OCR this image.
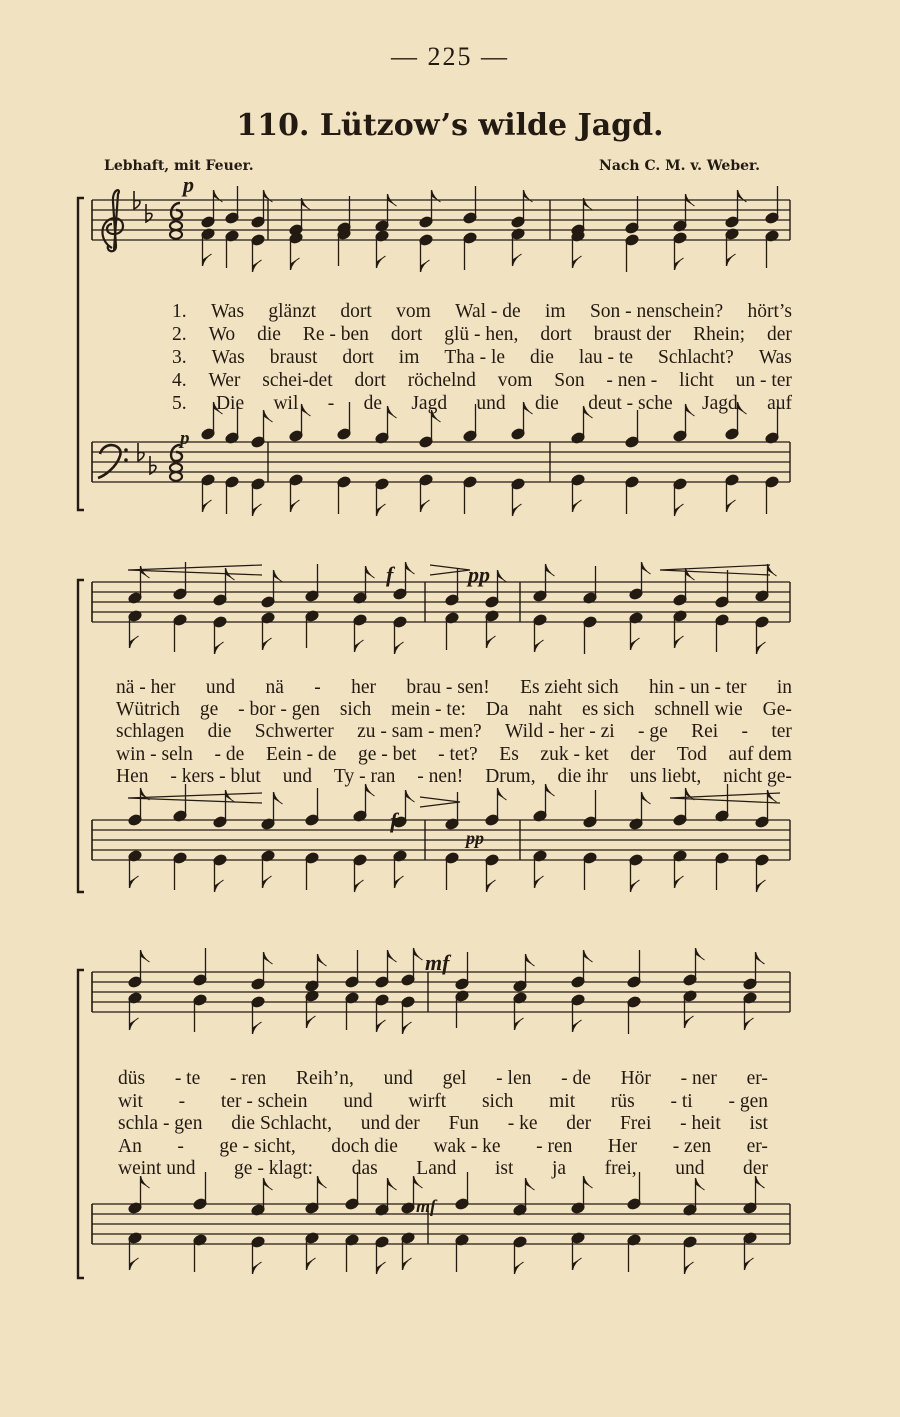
— 225 —
110. Lützow’s wilde Jagd.
Lebhaft, mit Feuer.	Nach C. M. v. Weber.
p
p
f	pp
f
pp
mf
mf
1. Was glänzt dort vom Wal - de im Son - nenschein? hört’s
2. Wo die Re - ben dort glü - hen, dort braust der Rhein; der
3. Was braust dort im Tha - le die lau - te Schlacht? Was
4. Wer schei-det dort röchelnd vom Son - nen - licht un - ter
5. Die wil - de Jagd und die deut - sche Jagd auf
nä - her und nä - her brau - sen! Es zieht sich hin - un - ter in
Wütrich ge - bor - gen sich mein - te: Da naht es sich schnell wie Ge-
schlagen die Schwerter zu - sam - men? Wild - her - zi - ge Rei - ter
win - seln - de Eein - de ge - bet - tet? Es zuk - ket der Tod auf dem
Hen - kers - blut und Ty - ran - nen! Drum, die ihr uns liebt, nicht ge-
düs - te - ren Reih’n, und gel - len - de Hör - ner er-
wit - ter - schein und wirft sich mit rüs - ti - gen
schla - gen die Schlacht, und der Fun - ke der Frei - heit ist
An - ge - sicht, doch die wak - ke - ren Her - zen er-
weint und ge - klagt: das Land ist ja frei, und der
